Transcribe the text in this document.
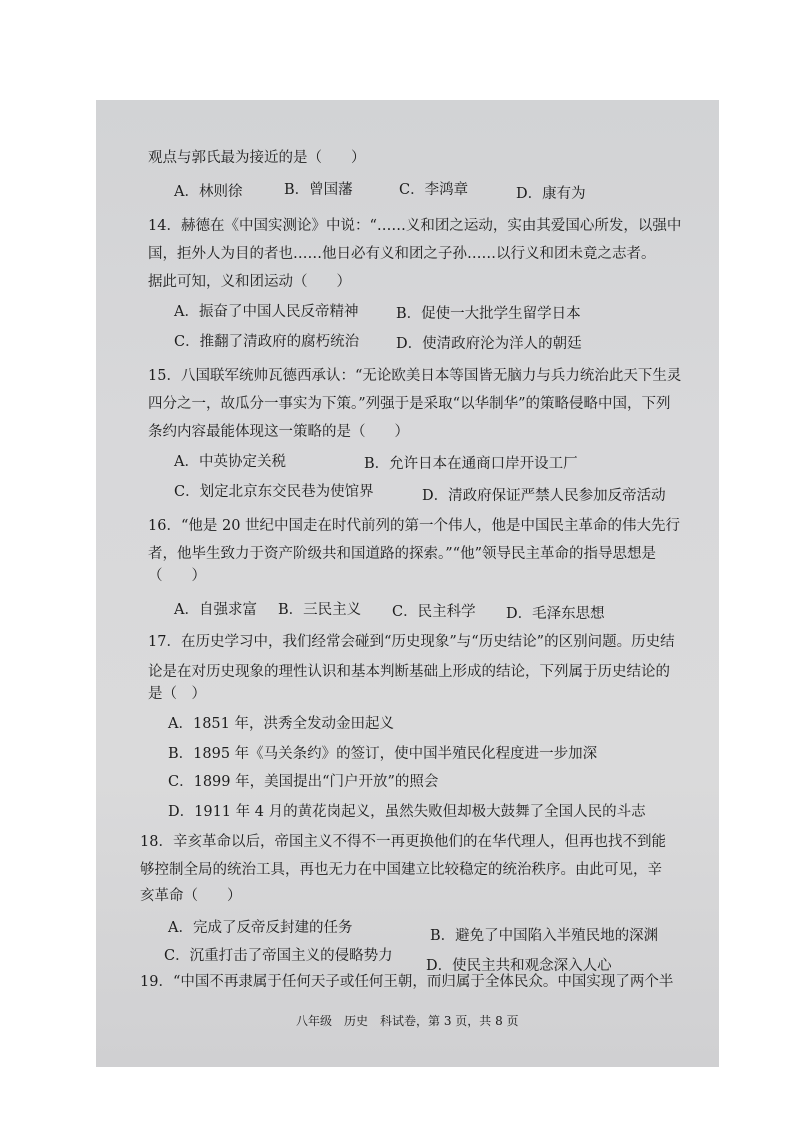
观点与郭氏最为接近的是（　　）
A．林则徐	B．曾国藩	C．李鸿章	D．康有为
14．赫德在《中国实测论》中说：“……义和团之运动，实由其爱国心所发，以强中
国，拒外人为目的者也……他日必有义和团之子孙……以行义和团未竟之志者。
据此可知，义和团运动（　　）
A．振奋了中国人民反帝精神	B．促使一大批学生留学日本
C．推翻了清政府的腐朽统治	D．使清政府沦为洋人的朝廷
15．八国联军统帅瓦德西承认：“无论欧美日本等国皆无脑力与兵力统治此天下生灵
四分之一，故瓜分一事实为下策。”列强于是采取“以华制华”的策略侵略中国，下列
条约内容最能体现这一策略的是（　　）
A．中英协定关税	B．允许日本在通商口岸开设工厂
C．划定北京东交民巷为使馆界	D．清政府保证严禁人民参加反帝活动
16．“他是 20 世纪中国走在时代前列的第一个伟人，他是中国民主革命的伟大先行
者，他毕生致力于资产阶级共和国道路的探索。”“他”领导民主革命的指导思想是
（　　）
A．自强求富 B．三民主义 C．民主科学 D．毛泽东思想
17．在历史学习中，我们经常会碰到“历史现象”与“历史结论”的区别问题。历史结
论是在对历史现象的理性认识和基本判断基础上形成的结论，下列属于历史结论的
是（　）
A．1851 年，洪秀全发动金田起义
B．1895 年《马关条约》的签订，使中国半殖民化程度进一步加深
C．1899 年，美国提出“门户开放”的照会
D．1911 年 4 月的黄花岗起义，虽然失败但却极大鼓舞了全国人民的斗志
18．辛亥革命以后，帝国主义不得不一再更换他们的在华代理人，但再也找不到能
够控制全局的统治工具，再也无力在中国建立比较稳定的统治秩序。由此可见，辛
亥革命（　　）
A．完成了反帝反封建的任务	B．避免了中国陷入半殖民地的深渊
C．沉重打击了帝国主义的侵略势力
D．使民主共和观念深入人心
19．“中国不再隶属于任何天子或任何王朝，而归属于全体民众。中国实现了两个半
八年级　历史　科试卷，第 3 页，共 8 页
